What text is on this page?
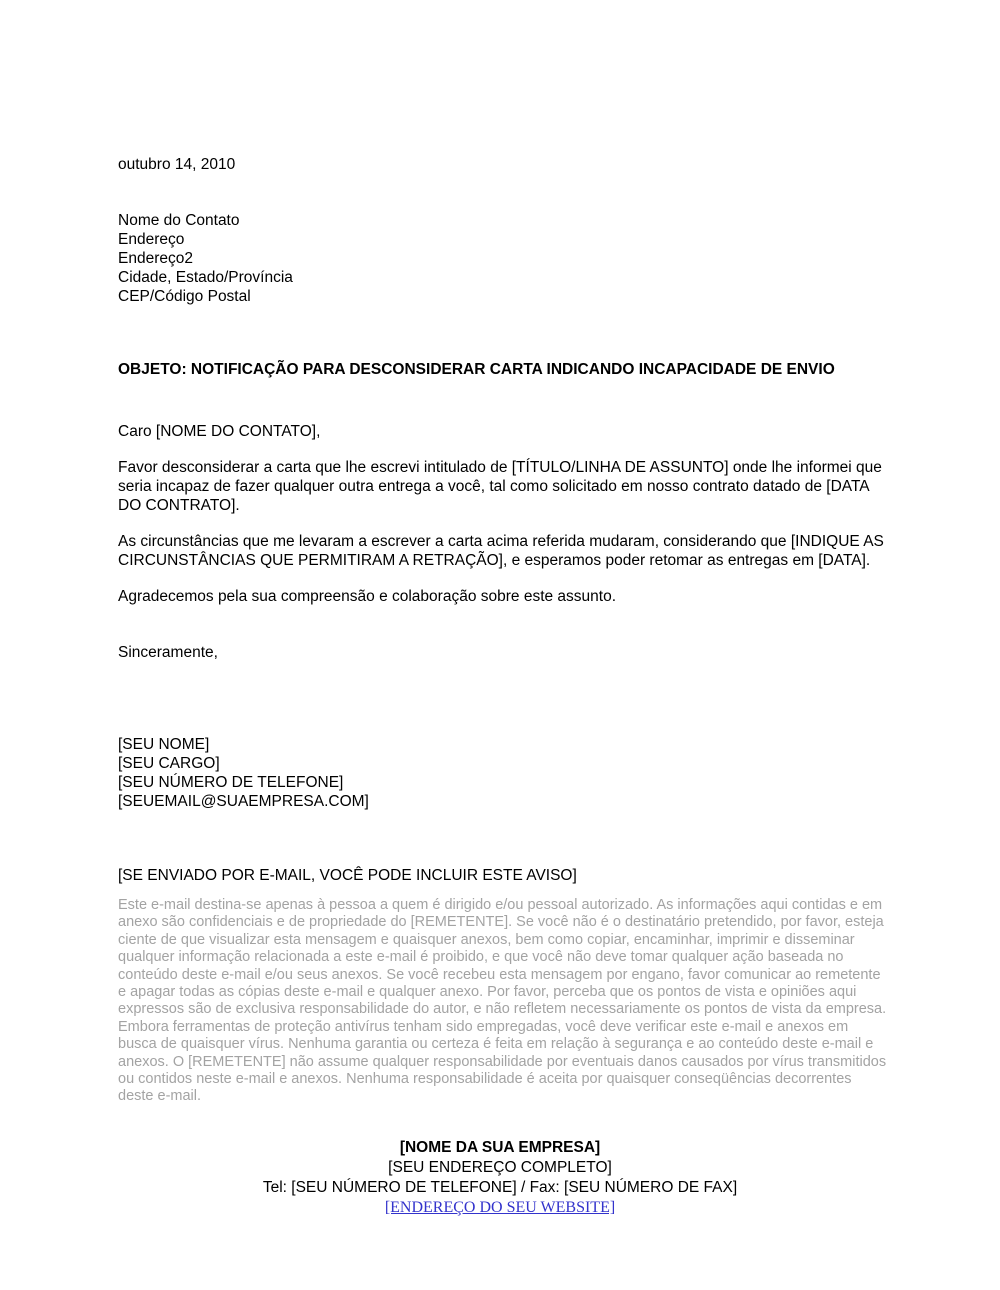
outubro 14, 2010
Nome do Contato
Endereço
Endereço2
Cidade, Estado/Província
CEP/Código Postal
OBJETO: NOTIFICAÇÃO PARA DESCONSIDERAR CARTA INDICANDO INCAPACIDADE DE ENVIO
Caro [NOME DO CONTATO],

Favor desconsiderar a carta que lhe escrevi intitulado de [TÍTULO/LINHA DE ASSUNTO] onde lhe informei que seria incapaz de fazer qualquer outra entrega a você, tal como solicitado em nosso contrato datado de [DATA DO CONTRATO].

As circunstâncias que me levaram a escrever a carta acima referida mudaram, considerando que [INDIQUE AS CIRCUNSTÂNCIAS QUE PERMITIRAM A RETRAÇÃO], e esperamos poder retomar as entregas em [DATA].

Agradecemos pela sua compreensão e colaboração sobre este assunto.

Sinceramente,
[SEU NOME]
[SEU CARGO]
[SEU NÚMERO DE TELEFONE]
[SEUEMAIL@SUAEMPRESA.COM]
[SE ENVIADO POR E-MAIL, VOCÊ PODE INCLUIR ESTE AVISO]

Este e-mail destina-se apenas à pessoa a quem é dirigido e/ou pessoal autorizado. As informações aqui contidas e em anexo são confidenciais e de propriedade do [REMETENTE]. Se você não é o destinatário pretendido, por favor, esteja ciente de que visualizar esta mensagem e quaisquer anexos, bem como copiar, encaminhar, imprimir e disseminar qualquer informação relacionada a este e-mail é proibido, e que você não deve tomar qualquer ação baseada no conteúdo deste e-mail e/ou seus anexos. Se você recebeu esta mensagem por engano, favor comunicar ao remetente e apagar todas as cópias deste e-mail e qualquer anexo. Por favor, perceba que os pontos de vista e opiniões aqui expressos são de exclusiva responsabilidade do autor, e não refletem necessariamente os pontos de vista da empresa. Embora ferramentas de proteção antivírus tenham sido empregadas, você deve verificar este e-mail e anexos em busca de quaisquer vírus. Nenhuma garantia ou certeza é feita em relação à segurança e ao conteúdo deste e-mail e anexos. O [REMETENTE] não assume qualquer responsabilidade por eventuais danos causados por vírus transmitidos ou contidos neste e-mail e anexos. Nenhuma responsabilidade é aceita por quaisquer conseqüências decorrentes deste e-mail.

[NOME DA SUA EMPRESA]
[SEU ENDEREÇO COMPLETO]
Tel: [SEU NÚMERO DE TELEFONE] / Fax: [SEU NÚMERO DE FAX]
[ENDEREÇO DO SEU WEBSITE]
